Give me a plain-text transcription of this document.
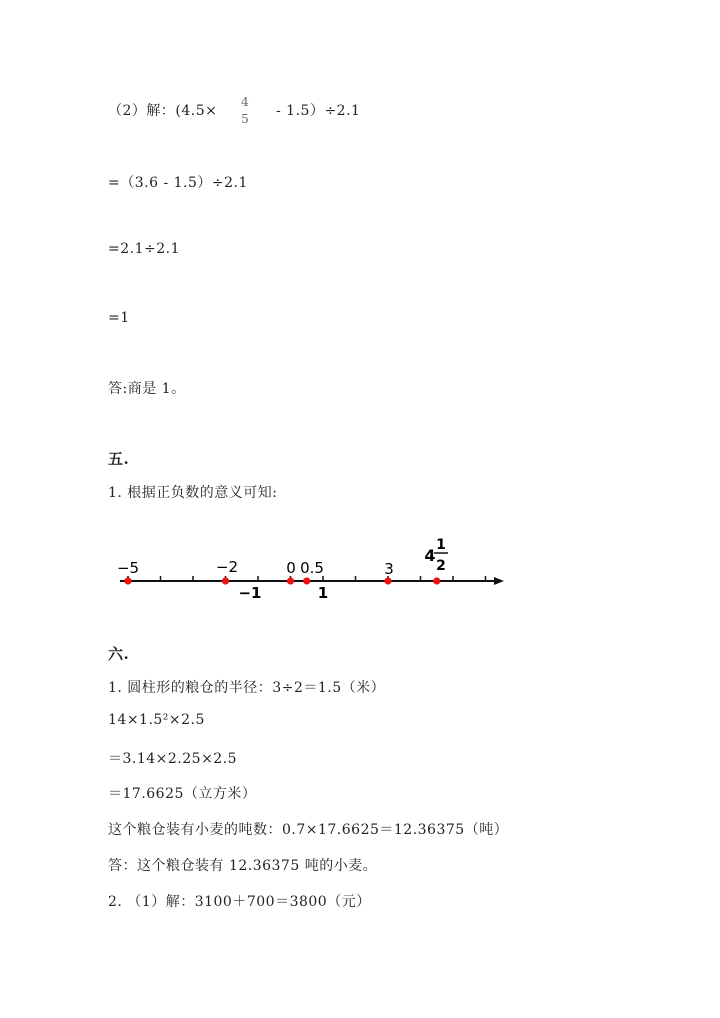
（2）解：(4.5×
4
5 - 1.5）÷2.1
=（3.6 - 1.5）÷2.1
=2.1÷2.1
=1
答:商是 1。
五.
1. 根据正负数的意义可知:
−5	−2	0 0.5	3
−1	1
4
1
2
六.
1. 圆柱形的粮仓的半径：3÷2＝1.5（米）
14×1.5²×2.5
＝3.14×2.25×2.5
＝17.6625（立方米）
这个粮仓装有小麦的吨数：0.7×17.6625＝12.36375（吨）
答：这个粮仓装有 12.36375 吨的小麦。
2. （1）解：3100＋700＝3800（元）
